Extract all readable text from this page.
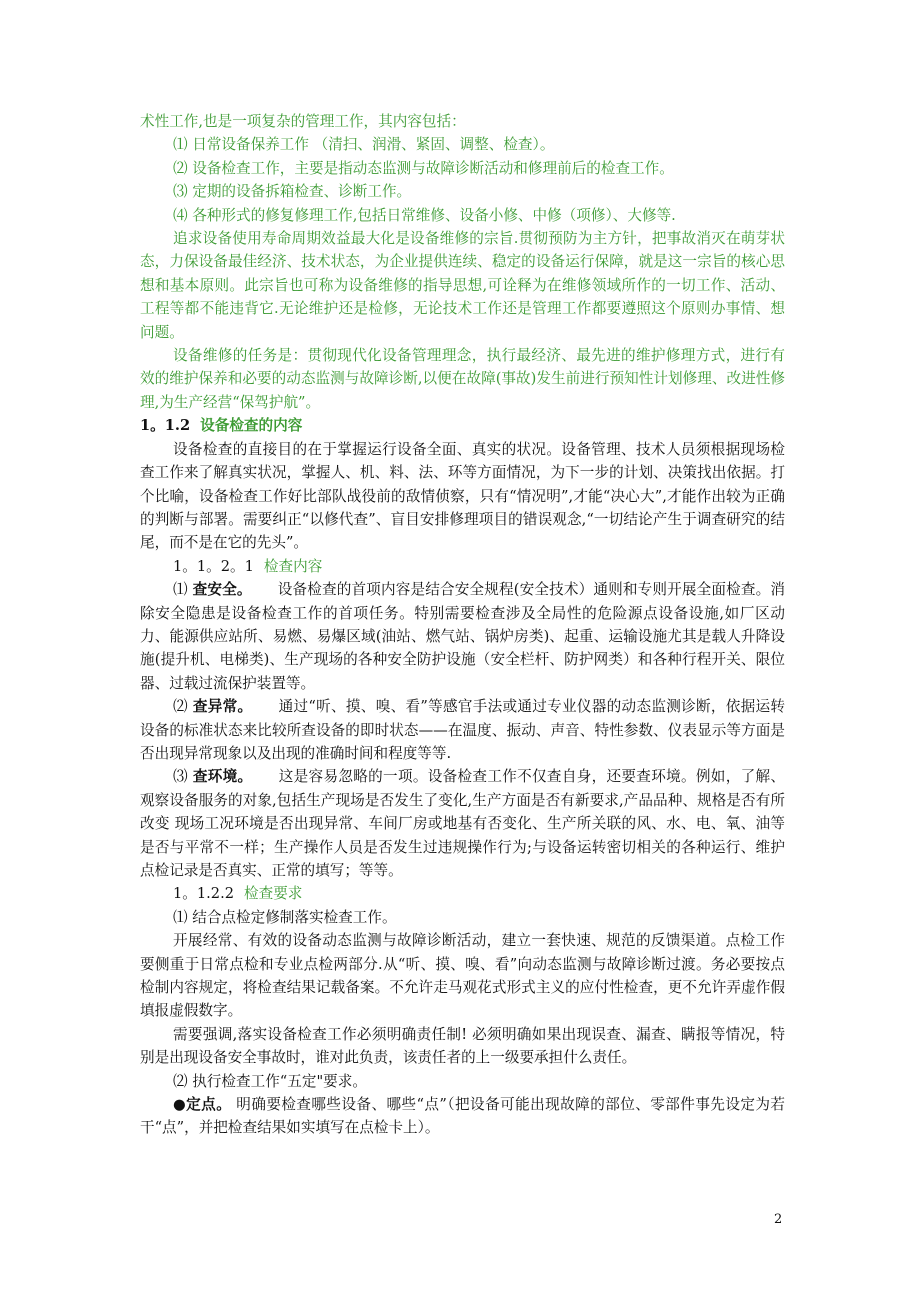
术性工作,也是一项复杂的管理工作，其内容包括：

⑴ 日常设备保养工作 （清扫、润滑、紧固、调整、检查）。

⑵ 设备检查工作，主要是指动态监测与故障诊断活动和修理前后的检查工作。

⑶ 定期的设备拆箱检查、诊断工作。

⑷ 各种形式的修复修理工作,包括日常维修、设备小修、中修（项修）、大修等.

追求设备使用寿命周期效益最大化是设备维修的宗旨.贯彻预防为主方针，把事故消灭在萌芽状态，力保设备最佳经济、技术状态，为企业提供连续、稳定的设备运行保障，就是这一宗旨的核心思想和基本原则。此宗旨也可称为设备维修的指导思想,可诠释为在维修领域所作的一切工作、活动、工程等都不能违背它.无论维护还是检修，无论技术工作还是管理工作都要遵照这个原则办事情、想问题。

设备维修的任务是：贯彻现代化设备管理理念，执行最经济、最先进的维护修理方式，进行有效的维护保养和必要的动态监测与故障诊断,以便在故障(事故)发生前进行预知性计划修理、改进性修理,为生产经营“保驾护航”。

1。1.2 设备检查的内容

设备检查的直接目的在于掌握运行设备全面、真实的状况。设备管理、技术人员须根据现场检查工作来了解真实状况，掌握人、机、料、法、环等方面情况，为下一步的计划、决策找出依据。打个比喻，设备检查工作好比部队战役前的敌情侦察，只有“情况明”,才能“决心大”,才能作出较为正确的判断与部署。需要纠正“以修代查”、盲目安排修理项目的错误观念,“一切结论产生于调查研究的结尾，而不是在它的先头”。

1。1。2。1 检查内容

⑴ 查安全。 设备检查的首项内容是结合安全规程(安全技术）通则和专则开展全面检查。消除安全隐患是设备检查工作的首项任务。特别需要检查涉及全局性的危险源点设备设施,如厂区动力、能源供应站所、易燃、易爆区域(油站、燃气站、锅炉房类)、起重、运输设施尤其是载人升降设施(提升机、电梯类)、生产现场的各种安全防护设施（安全栏杆、防护网类）和各种行程开关、限位器、过载过流保护装置等。

⑵ 查异常。 通过“听、摸、嗅、看”等感官手法或通过专业仪器的动态监测诊断，依据运转设备的标准状态来比较所查设备的即时状态——在温度、振动、声音、特性参数、仪表显示等方面是否出现异常现象以及出现的准确时间和程度等等.

⑶ 查环境。 这是容易忽略的一项。设备检查工作不仅查自身，还要查环境。例如，了解、观察设备服务的对象,包括生产现场是否发生了变化,生产方面是否有新要求,产品品种、规格是否有所改变 现场工况环境是否出现异常、车间厂房或地基有否变化、生产所关联的风、水、电、氧、油等是否与平常不一样；生产操作人员是否发生过违规操作行为;与设备运转密切相关的各种运行、维护点检记录是否真实、正常的填写；等等。

1。1.2.2 检查要求

⑴ 结合点检定修制落实检查工作。

开展经常、有效的设备动态监测与故障诊断活动，建立一套快速、规范的反馈渠道。点检工作要侧重于日常点检和专业点检两部分.从“听、摸、嗅、看”向动态监测与故障诊断过渡。务必要按点检制内容规定，将检查结果记载备案。不允许走马观花式形式主义的应付性检查，更不允许弄虚作假填报虚假数字。

需要强调,落实设备检查工作必须明确责任制! 必须明确如果出现误查、漏查、瞒报等情况，特别是出现设备安全事故时，谁对此负责，该责任者的上一级要承担什么责任。

⑵ 执行检查工作“五定"要求。

●定点。 明确要检查哪些设备、哪些“点”（把设备可能出现故障的部位、零部件事先设定为若干“点”，并把检查结果如实填写在点检卡上）。

2
